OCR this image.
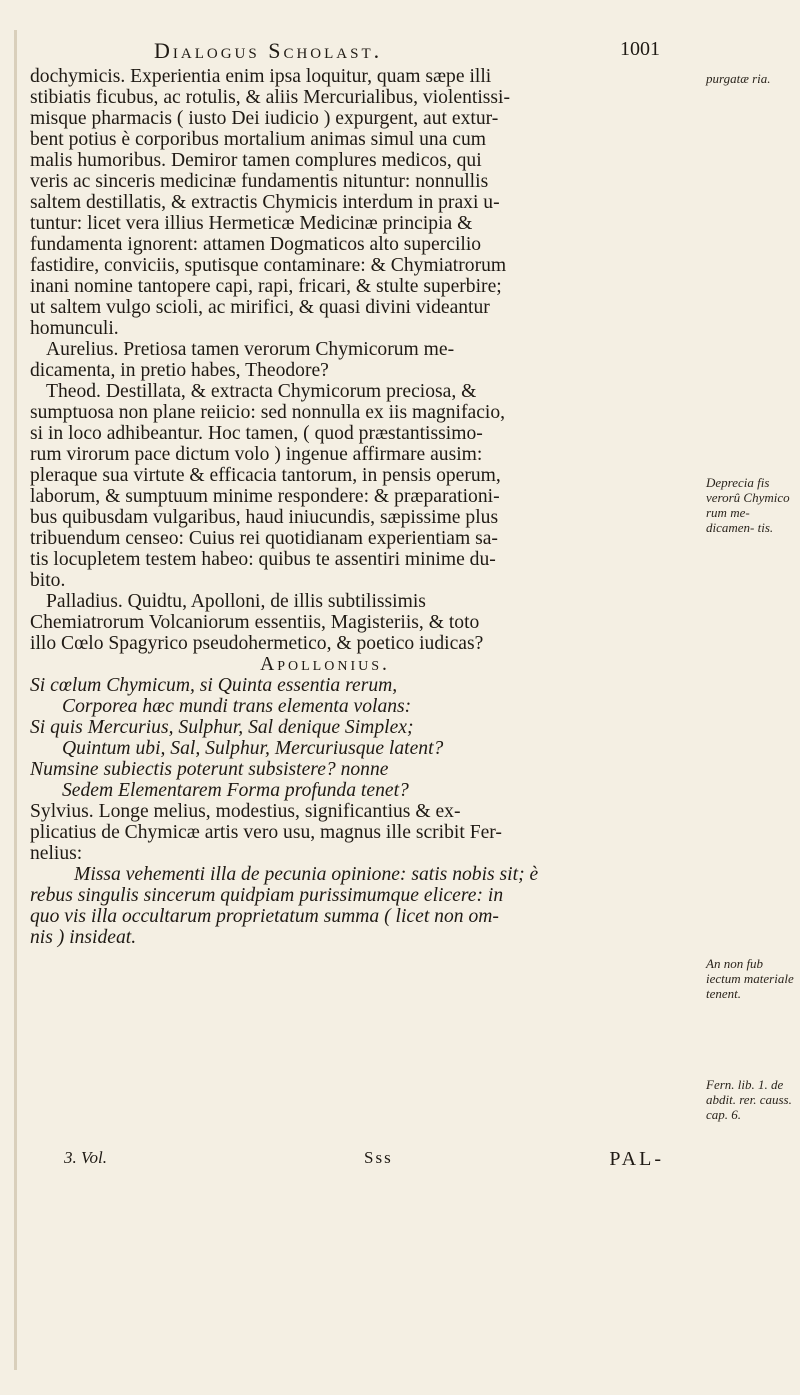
Dialogus Scholast.	1001
dochymicis. Experientia enim ipsa loquitur, quam sæpe illi
stibiatis ficubus, ac rotulis, & aliis Mercurialibus, violentissi-
misque pharmacis ( iusto Dei iudicio ) expurgent, aut extur-
bent potius è corporibus mortalium animas simul una cum
malis humoribus. Demiror tamen complures medicos, qui
veris ac sinceris medicinæ fundamentis nituntur: nonnullis
saltem destillatis, & extractis Chymicis interdum in praxi u-
tuntur: licet vera illius Hermeticæ Medicinæ principia &
fundamenta ignorent: attamen Dogmaticos alto supercilio
fastidire, conviciis, sputisque contaminare: & Chymiatrorum
inani nomine tantopere capi, rapi, fricari, & stulte superbire;
ut saltem vulgo scioli, ac mirifici, & quasi divini videantur
homunculi.
Aurelius. Pretiosa tamen verorum Chymicorum me-
dicamenta, in pretio habes, Theodore?
Theod. Destillata, & extracta Chymicorum preciosa, &
sumptuosa non plane reiicio: sed nonnulla ex iis magnifacio,
si in loco adhibeantur. Hoc tamen, ( quod præstantissimo-
rum virorum pace dictum volo ) ingenue affirmare ausim:
pleraque sua virtute & efficacia tantorum, in pensis operum,
laborum, & sumptuum minime respondere: & præparationi-
bus quibusdam vulgaribus, haud iniucundis, sæpissime plus
tribuendum censeo: Cuius rei quotidianam experientiam sa-
tis locupletem testem habeo: quibus te assentiri minime du-
bito.
Palladius. Quidtu, Apolloni, de illis subtilissimis
Chemiatrorum Volcaniorum essentiis, Magisteriis, & toto
illo Cœlo Spagyrico pseudohermetico, & poetico iudicas?
Apollonius.
Si cœlum Chymicum, si Quinta essentia rerum,
Corporea hæc mundi trans elementa volans:
Si quis Mercurius, Sulphur, Sal denique Simplex;
Quintum ubi, Sal, Sulphur, Mercuriusque latent?
Numsine subiectis poterunt subsistere? nonne
Sedem Elementarem Forma profunda tenet?
Sylvius. Longe melius, modestius, significantius & ex-
plicatius de Chymicæ artis vero usu, magnus ille scribit Fer-
nelius:
Missa vehementi illa de pecunia opinione: satis nobis sit; è
rebus singulis sincerum quidpiam purissimumque elicere: in
quo vis illa occultarum proprietatum summa ( licet non om-
nis ) insideat.
purgatæ ria.
Deprecia fis verorû Chymico rum me- dicamen- tis.
An non fub iectum materiale tenent.
Fern. lib. 1. de abdit. rer. causs. cap. 6.
3. Vol.	Sss	PAL-
